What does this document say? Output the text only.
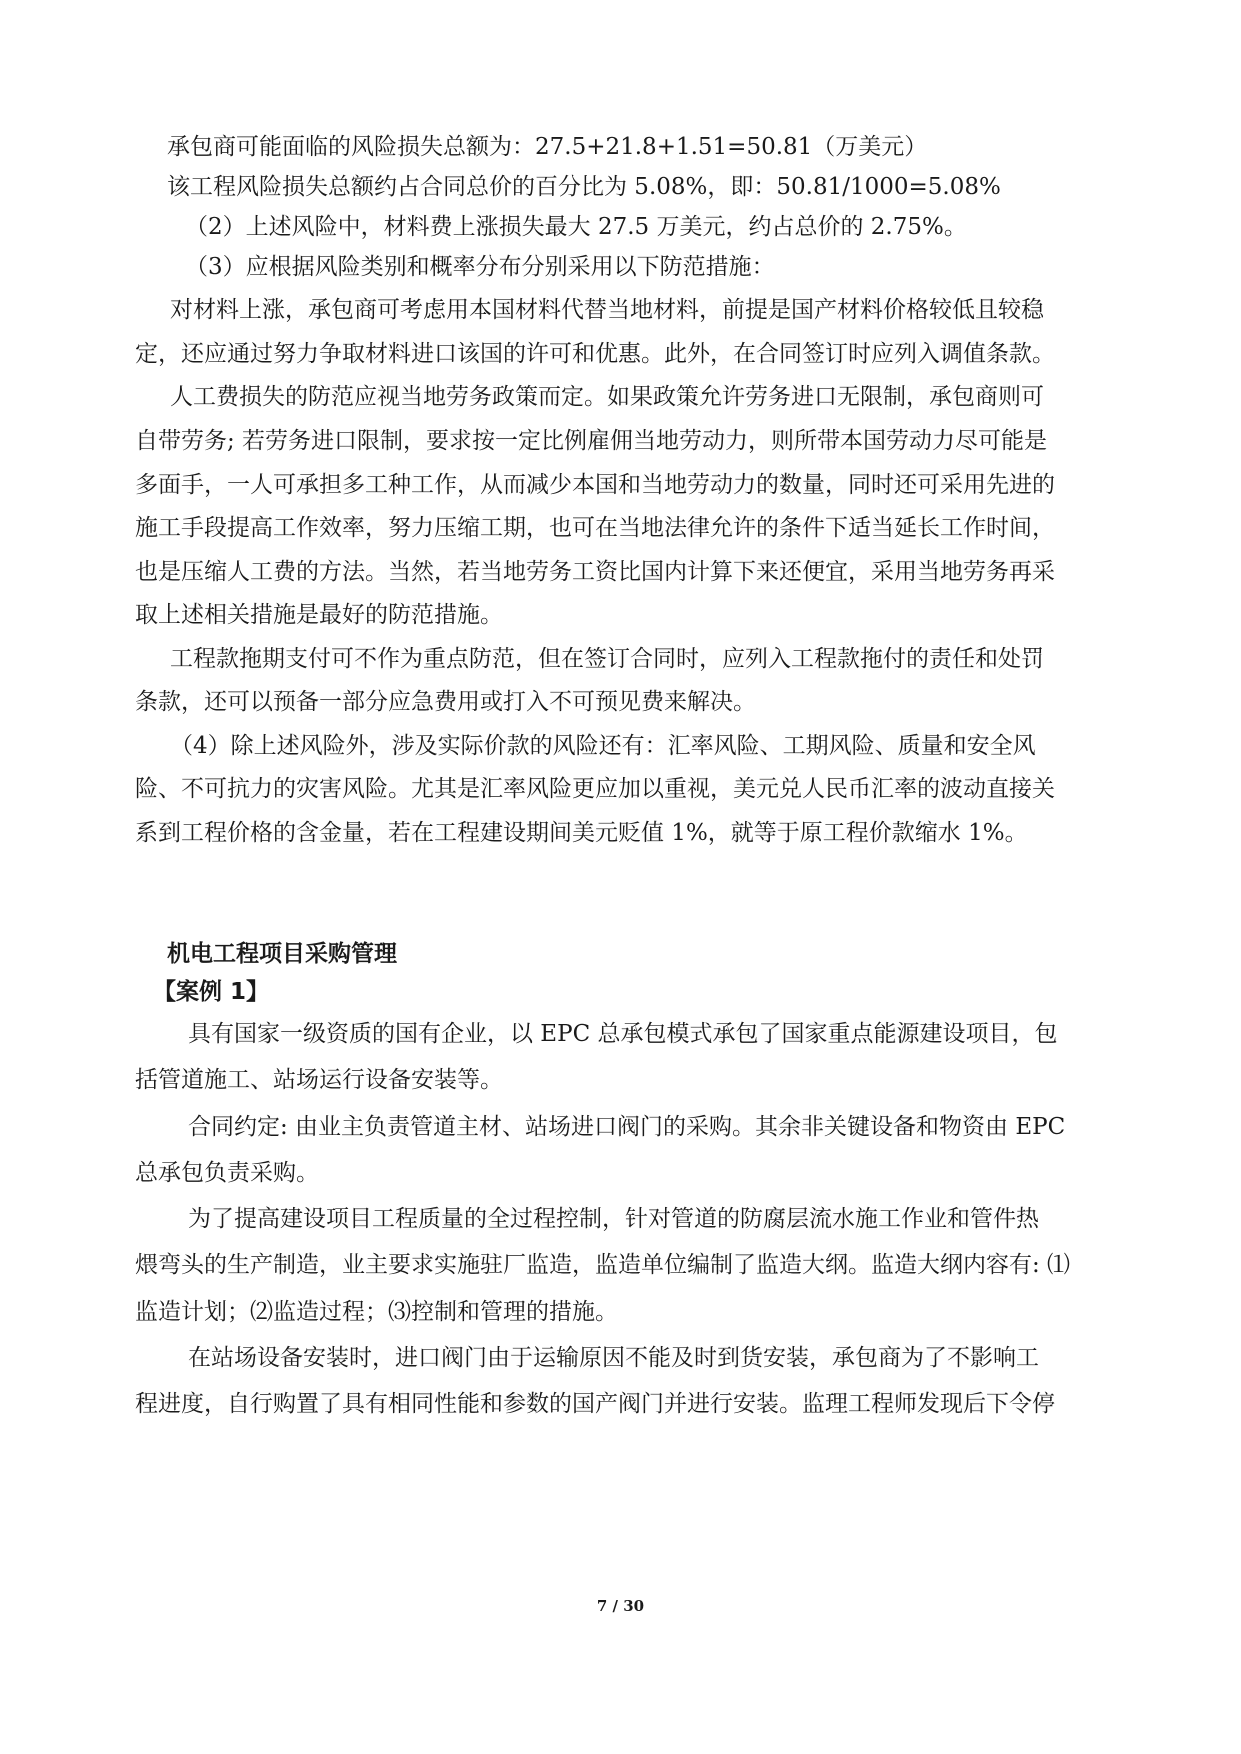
承包商可能面临的风险损失总额为：27.5+21.8+1.51=50.81（万美元）
该工程风险损失总额约占合同总价的百分比为 5.08%，即：50.81/1000=5.08%
（2）上述风险中，材料费上涨损失最大 27.5 万美元，约占总价的 2.75%。
（3）应根据风险类别和概率分布分别采用以下防范措施：
对材料上涨，承包商可考虑用本国材料代替当地材料，前提是国产材料价格较低且较稳
定，还应通过努力争取材料进口该国的许可和优惠。此外，在合同签订时应列入调值条款。
人工费损失的防范应视当地劳务政策而定。如果政策允许劳务进口无限制，承包商则可
自带劳务; 若劳务进口限制，要求按一定比例雇佣当地劳动力，则所带本国劳动力尽可能是
多面手，一人可承担多工种工作，从而减少本国和当地劳动力的数量，同时还可采用先进的
施工手段提高工作效率，努力压缩工期，也可在当地法律允许的条件下适当延长工作时间，
也是压缩人工费的方法。当然，若当地劳务工资比国内计算下来还便宜，采用当地劳务再采
取上述相关措施是最好的防范措施。
工程款拖期支付可不作为重点防范，但在签订合同时，应列入工程款拖付的责任和处罚
条款，还可以预备一部分应急费用或打入不可预见费来解决。
（4）除上述风险外，涉及实际价款的风险还有：汇率风险、工期风险、质量和安全风
险、不可抗力的灾害风险。尤其是汇率风险更应加以重视，美元兑人民币汇率的波动直接关
系到工程价格的含金量，若在工程建设期间美元贬值 1%，就等于原工程价款缩水 1%。
机电工程项目采购管理
【案例 1】
具有国家一级资质的国有企业，以 EPC 总承包模式承包了国家重点能源建设项目，包
括管道施工、站场运行设备安装等。
合同约定: 由业主负责管道主材、站场进口阀门的采购。其余非关键设备和物资由 EPC
总承包负责采购。
为了提高建设项目工程质量的全过程控制，针对管道的防腐层流水施工作业和管件热
煨弯头的生产制造，业主要求实施驻厂监造，监造单位编制了监造大纲。监造大纲内容有: ⑴
监造计划；⑵监造过程；⑶控制和管理的措施。
在站场设备安装时，进口阀门由于运输原因不能及时到货安装，承包商为了不影响工
程进度，自行购置了具有相同性能和参数的国产阀门并进行安装。监理工程师发现后下令停
7 / 30
